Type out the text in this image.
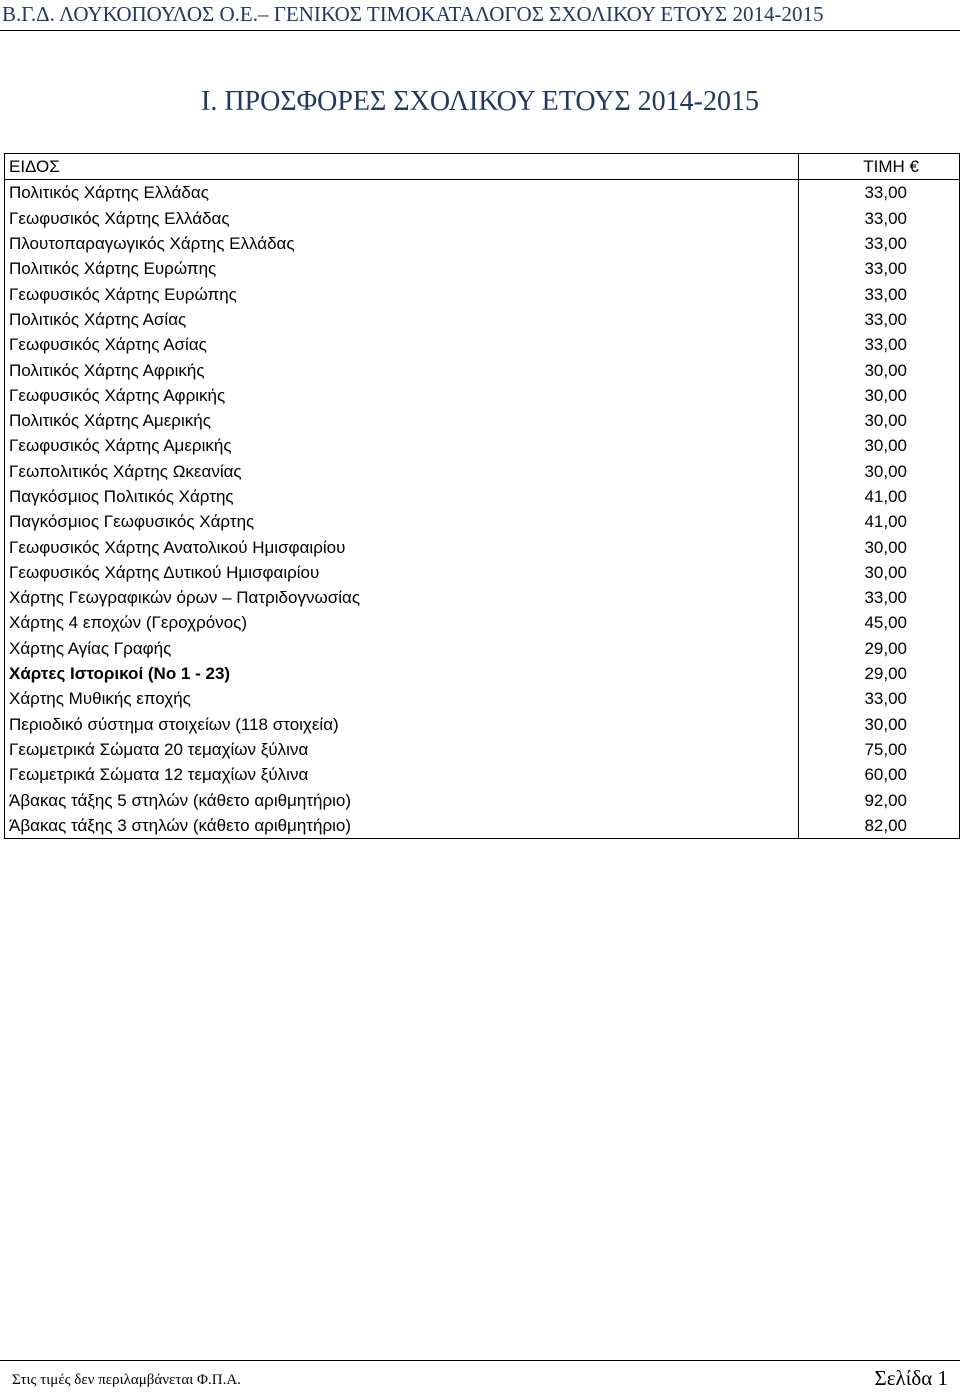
Β.Γ.Δ. ΛΟΥΚΟΠΟΥΛΟΣ Ο.Ε.– ΓΕΝΙΚΟΣ ΤΙΜΟΚΑΤΑΛΟΓΟΣ ΣΧΟΛΙΚΟΥ ΕΤΟΥΣ 2014-2015
Ι. ΠΡΟΣΦΟΡΕΣ ΣΧΟΛΙΚΟΥ ΕΤΟΥΣ 2014-2015
ΕΙΔΟΣ	ΤΙΜΗ €
Πολιτικός Χάρτης Ελλάδας	33,00
Γεωφυσικός Χάρτης Ελλάδας	33,00
Πλουτοπαραγωγικός Χάρτης Ελλάδας	33,00
Πολιτικός Χάρτης Ευρώπης	33,00
Γεωφυσικός Χάρτης Ευρώπης	33,00
Πολιτικός Χάρτης Ασίας	33,00
Γεωφυσικός Χάρτης Ασίας	33,00
Πολιτικός Χάρτης Αφρικής	30,00
Γεωφυσικός Χάρτης Αφρικής	30,00
Πολιτικός Χάρτης Αμερικής	30,00
Γεωφυσικός Χάρτης Αμερικής	30,00
Γεωπολιτικός Χάρτης Ωκεανίας	30,00
Παγκόσμιος Πολιτικός Χάρτης	41,00
Παγκόσμιος Γεωφυσικός Χάρτης	41,00
Γεωφυσικός Χάρτης Ανατολικού Ημισφαιρίου	30,00
Γεωφυσικός Χάρτης Δυτικού Ημισφαιρίου	30,00
Χάρτης Γεωγραφικών όρων – Πατριδογνωσίας	33,00
Χάρτης 4 εποχών (Γεροχρόνος)	45,00
Χάρτης Αγίας Γραφής	29,00
Χάρτες Ιστορικοί (Νο 1 - 23)	29,00
Χάρτης Μυθικής εποχής	33,00
Περιοδικό σύστημα στοιχείων (118 στοιχεία)	30,00
Γεωμετρικά Σώματα 20 τεμαχίων ξύλινα	75,00
Γεωμετρικά Σώματα 12 τεμαχίων ξύλινα	60,00
Άβακας τάξης 5 στηλών (κάθετο αριθμητήριο)	92,00
Άβακας τάξης 3 στηλών (κάθετο αριθμητήριο)	82,00
Στις τιμές δεν περιλαμβάνεται Φ.Π.Α.	Σελίδα 1
